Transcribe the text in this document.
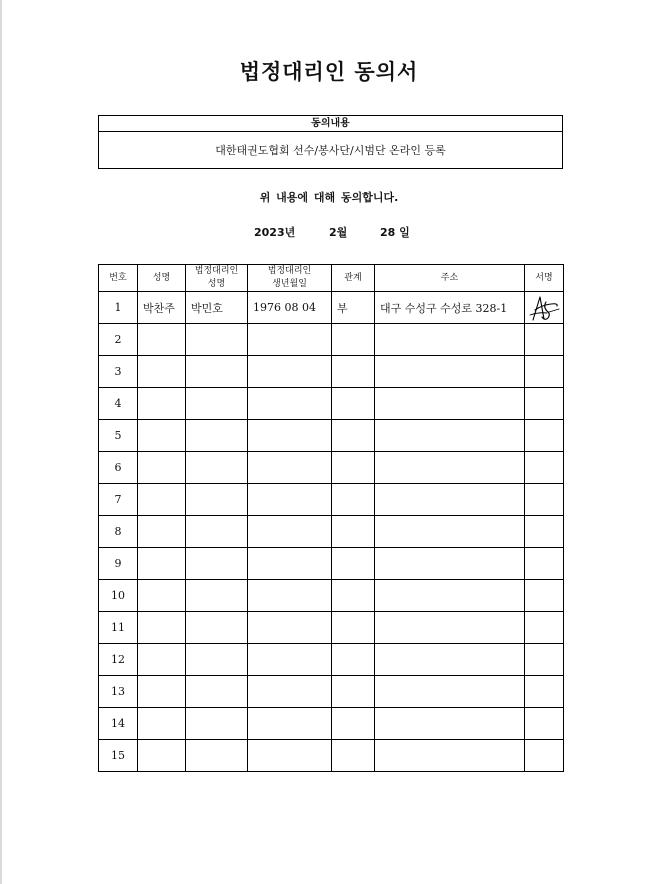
법정대리인 동의서
동의내용
대한태권도협회 선수/봉사단/시범단 온라인 등록
위 내용에 대해 동의합니다.
2023년	2월	28 일
번호	성명	법정대리인 성명	법정대리인 생년월일	관계	주소	서명
1	박찬주	박민호	1976 08 04	부	대구 수성구 수성로 328-1	

2						
3						
4						
5						
6						
7						
8						
9						
10						
11						
12						
13						
14						
15						
